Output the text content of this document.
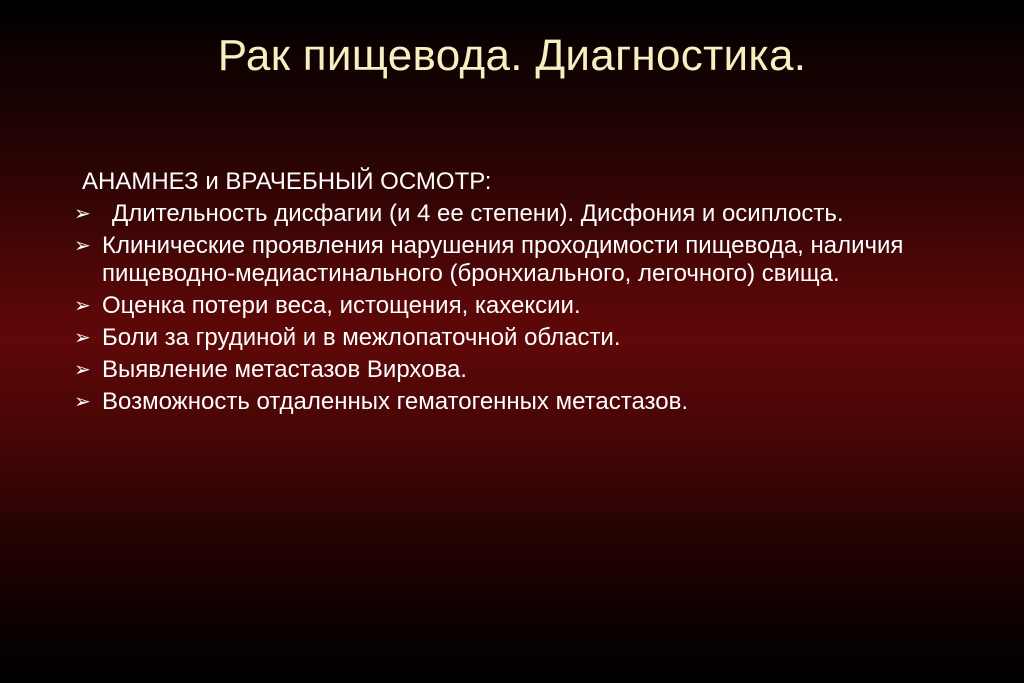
Рак пищевода. Диагностика.
АНАМНЕЗ и ВРАЧЕБНЫЙ ОСМОТР:
➢ Длительность дисфагии (и 4 ее степени). Дисфония и осиплость.
➢ Клинические проявления нарушения проходимости пищевода, наличия пищеводно-медиастинального (бронхиального, легочного) свища.
➢ Оценка потери веса, истощения, кахексии.
➢ Боли за грудиной и в межлопаточной области.
➢ Выявление метастазов Вирхова.
➢ Возможность отдаленных гематогенных метастазов.
